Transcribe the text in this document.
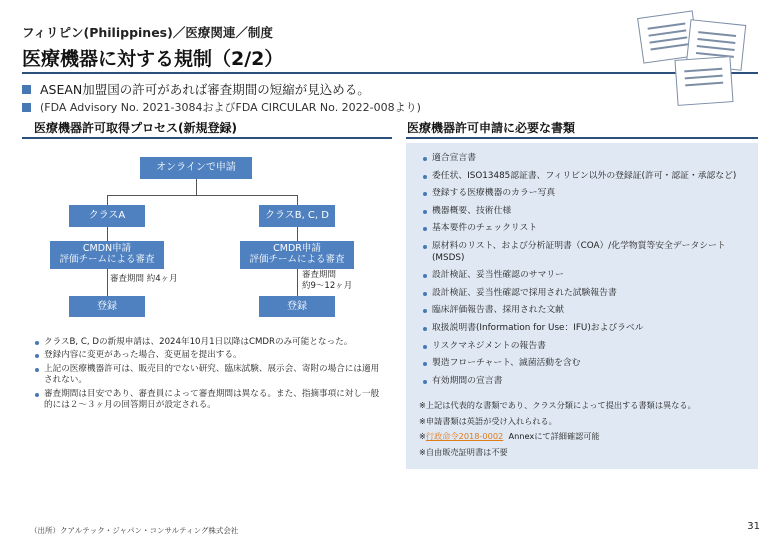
フィリピン(Philippines)／医療関連／制度
医療機器に対する規制（2/2）
ASEAN加盟国の許可があれば審査期間の短縮が見込める。
(FDA Advisory No. 2021-3084およびFDA CIRCULAR No. 2022-008より)
医療機器許可取得プロセス(新規登録)
オンラインで申請
クラスA	クラスB, C, D
CMDN申請
評価チームによる審査
CMDR申請
評価チームによる審査
審査期間 約4ヶ月	審査期間
約9～12ヶ月
登録	登録
クラスB, C, Dの新規申請は、2024年10月1日以降はCMDRのみ可能となった。
登録内容に変更があった場合、変更届を提出する。
上記の医療機器許可は、販売目的でない研究、臨床試験、展示会、寄附の場合には適用されない。
審査期間は目安であり、審査員によって審査期間は異なる。また、指摘事項に対し一般的には２～３ヶ月の回答期日が設定される。
医療機器許可申請に必要な書類
適合宣言書
委任状、ISO13485認証書、フィリピン以外の登録証(許可・認証・承認など)
登録する医療機器のカラー写真
機器概要、技術仕様
基本要件のチェックリスト
原材料のリスト、および分析証明書（COA）/化学物質等安全データシート(MSDS)
設計検証、妥当性確認のサマリー
設計検証、妥当性確認で採用された試験報告書
臨床評価報告書、採用された文献
取扱説明書(Information for Use：IFU)およびラベル
リスクマネジメントの報告書
製造フローチャート、滅菌活動を含む
有効期間の宣言書
※上記は代表的な書類であり、クラス分類によって提出する書類は異なる。
※申請書類は英語が受け入れられる。
※行政命令2018-0002  Annexにて詳細確認可能
※自由販売証明書は不要
（出所）クアルテック・ジャパン・コンサルティング株式会社	31
